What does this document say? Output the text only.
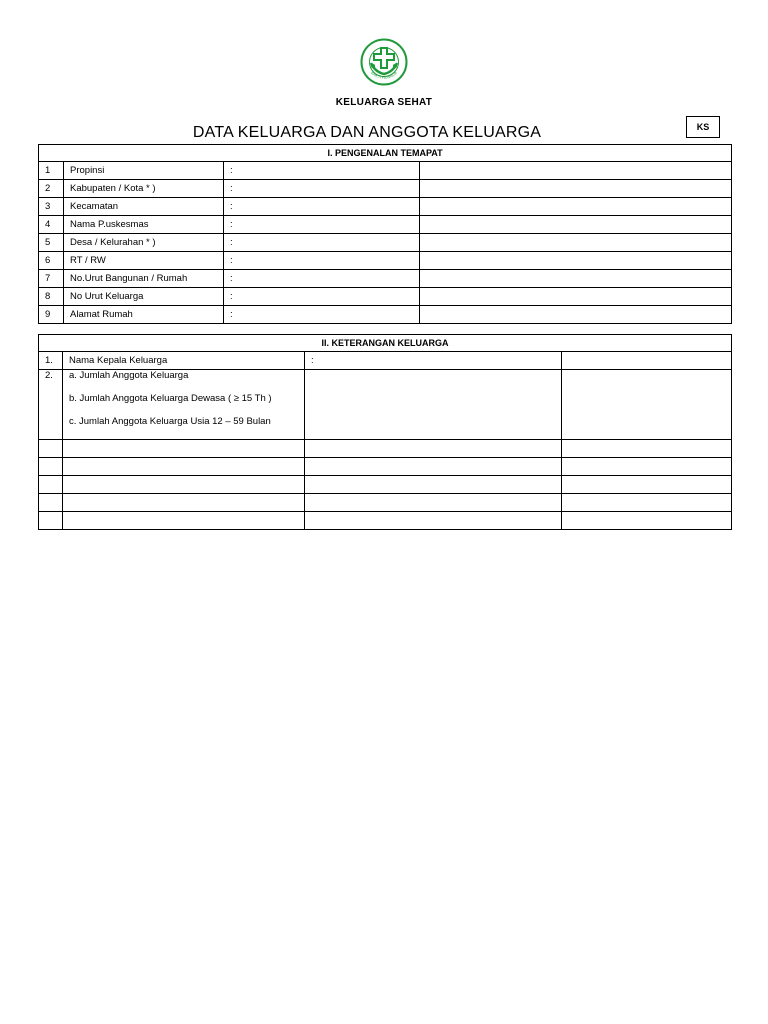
BAKTI HUSADA
KELUARGA SEHAT
DATA KELUARGA DAN ANGGOTA KELUARGA	KS
I. PENGENALAN TEMAPAT			
1	Propinsi	:	
2	Kabupaten / Kota * )	:	
3	Kecamatan	:	
4	Nama P.uskesmas	:	
5	Desa / Kelurahan * )	:	
6	RT / RW	:	
7	No.Urut Bangunan / Rumah	:	
8	No Urut Keluarga	:	
9	Alamat Rumah	:	
II. KETERANGAN KELUARGA			
1.	Nama Kepala Keluarga	:	

2.	a. Jumlah Anggota Keluarga
b. Jumlah Anggota Keluarga Dewasa ( ≥ 15 Th )
c. Jumlah Anggota Keluarga Usia 12 – 59 Bulan		
